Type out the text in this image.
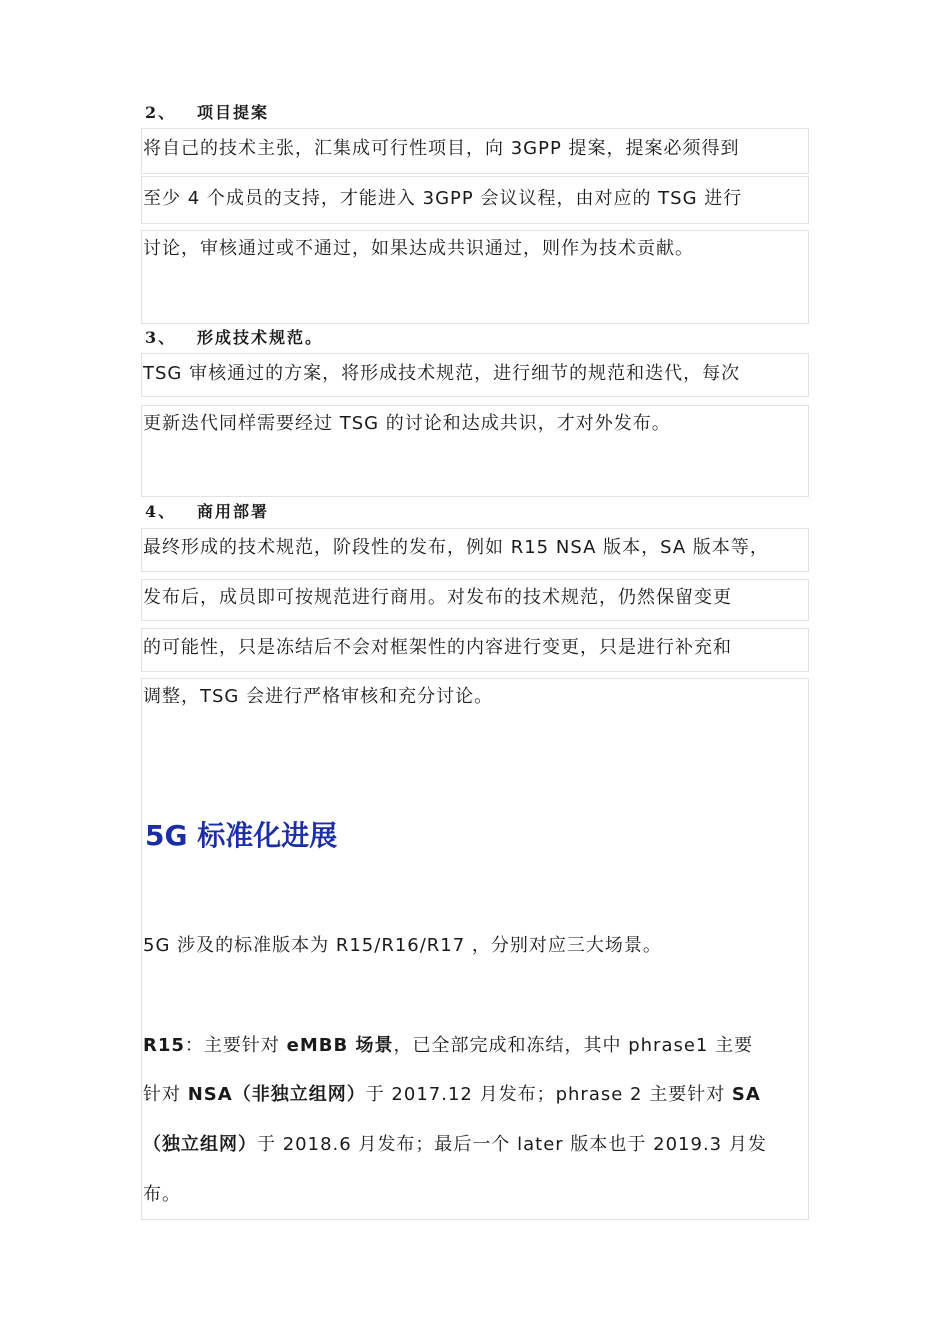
2、 项目提案
将自己的技术主张，汇集成可行性项目，向 3GPP 提案，提案必须得到
至少 4 个成员的支持，才能进入 3GPP 会议议程，由对应的 TSG 进行
讨论，审核通过或不通过，如果达成共识通过，则作为技术贡献。
3、 形成技术规范。
TSG 审核通过的方案，将形成技术规范，进行细节的规范和迭代，每次
更新迭代同样需要经过 TSG 的讨论和达成共识，才对外发布。
4、 商用部署
最终形成的技术规范，阶段性的发布，例如 R15 NSA 版本，SA 版本等，
发布后，成员即可按规范进行商用。对发布的技术规范，仍然保留变更
的可能性，只是冻结后不会对框架性的内容进行变更，只是进行补充和
调整，TSG 会进行严格审核和充分讨论。
5G 标准化进展
5G 涉及的标准版本为 R15/R16/R17 ，分别对应三大场景。
R15：主要针对 eMBB 场景，已全部完成和冻结，其中 phrase1 主要
针对 NSA（非独立组网）于 2017.12 月发布；phrase 2 主要针对 SA
（独立组网）于 2018.6 月发布；最后一个 later 版本也于 2019.3 月发
布。
